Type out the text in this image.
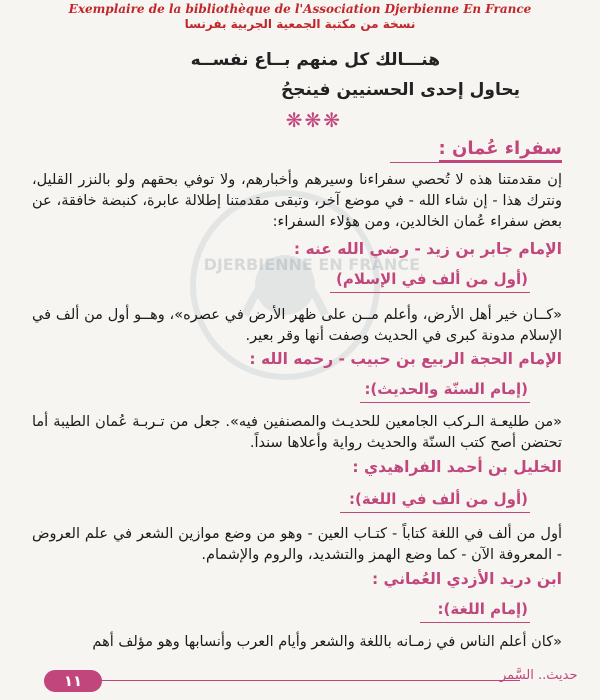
Exemplaire de la bibliothèque de l'Association Djerbienne En France
نسخة من مكتبة الجمعية الجربية بفرنسا
DJERBIENNE EN FRANCE
هنـــالك كل منهم بــاع نفســه
يحاول إحدى الحسنيين فينجحُ
❋❋❋
سفراء عُمان :
إن مقدمتنا هذه لا تُحصي سفراءنا وسيرهم وأخبارهم، ولا توفي بحقهم ولو بالنزر القليل، ونترك هذا - إن شاء الله - في موضع آخر، وتبقى مقدمتنا إطلالة عابرة، كنبضة خافقة، عن بعض سفراء عُمان الخالدين، ومن هؤلاء السفراء:
الإمام جابر بن زيد - رضي الله عنه :
(أول من ألف في الإسلام)
«كــان خير أهل الأرض، وأعلم مــن على ظهر الأرض في عصره»، وهــو أول من ألف في الإسلام مدونة كبرى في الحديث وصفت أنها وقر بعير.
الإمام الحجة الربيع بن حبيب - رحمه الله :
(إمام السنّة والحديث):
«من طليعـة الـركب الجامعين للحديـث والمصنفين فيه». جعل من تـربـة عُمان الطيبة أما تحتضن أصح كتب السنّة والحديث رواية وأعلاها سنداً.
الخليل بن أحمد الفراهيدي :
(أول من ألف في اللغة):
أول من ألف في اللغة كتاباً - كتـاب العين - وهو من وضع موازين الشعر في علم العروض - المعروفة الآن - كما وضع الهمز والتشديد، والروم والإشمام.
ابن دريد الأزدي العُماني :
(إمام اللغة):
«كان أعلم الناس في زمـانه باللغة والشعر وأيام العرب وأنسابها وهو مؤلف أهم
حديث.. السَّمر
١١
